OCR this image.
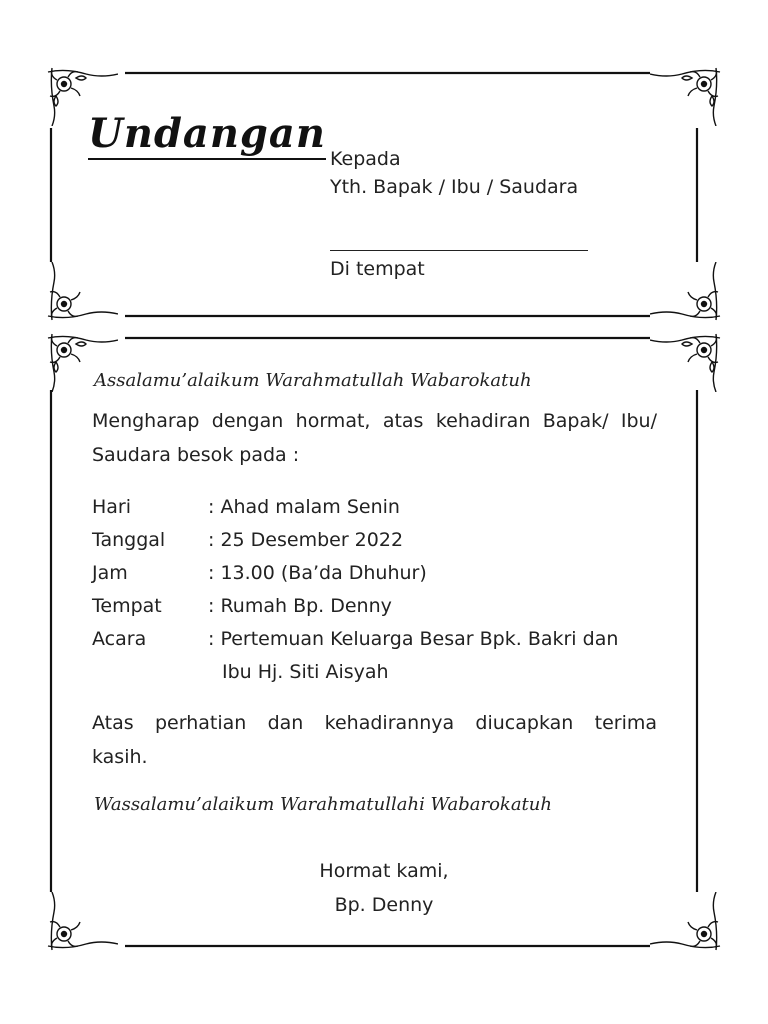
Undangan
Kepada
Yth. Bapak / Ibu / Saudara
Di tempat
Assalamu’alaikum Warahmatullah Wabarokatuh
Mengharap dengan hormat, atas kehadiran Bapak/ Ibu/
Saudara besok pada :
Hari	: Ahad malam Senin
Tanggal : 25 Desember 2022
Jam	: 13.00 (Ba’da Dhuhur)
Tempat : Rumah Bp. Denny
Acara	: Pertemuan Keluarga Besar Bpk. Bakri dan
Ibu Hj. Siti Aisyah
Atas perhatian dan kehadirannya diucapkan terima
kasih.
Wassalamu’alaikum Warahmatullahi Wabarokatuh
Hormat kami,
Bp. Denny
